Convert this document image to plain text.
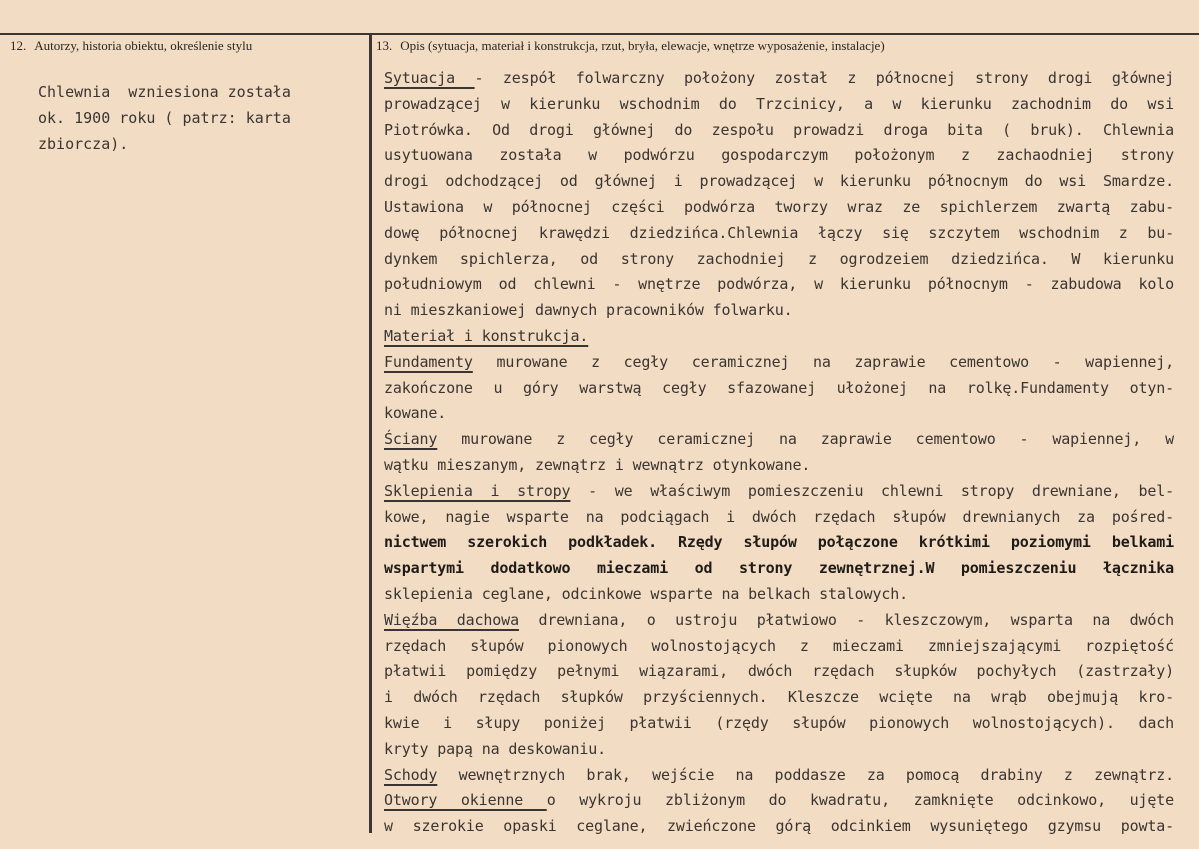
12. Autorzy, historia obiektu, określenie stylu	13. Opis (sytuacja, materiał i konstrukcja, rzut, bryła, elewacje, wnętrze wyposażenie, instalacje)
Chlewnia  wzniesiona została
ok. 1900 roku ( patrz: karta
zbiorcza).
Sytuacja - zespół folwarczny położony został z północnej strony drogi głównej
prowadzącej w kierunku wschodnim do Trzcinicy, a w kierunku zachodnim do wsi
Piotrówka. Od drogi głównej do zespołu prowadzi droga bita ( bruk). Chlewnia
usytuowana została w podwórzu gospodarczym położonym z zachaodniej strony
drogi odchodzącej od głównej i prowadzącej w kierunku północnym do wsi Smardze.
Ustawiona w północnej części podwórza tworzy wraz ze spichlerzem zwartą zabu-
dowę północnej krawędzi dziedzińca.Chlewnia łączy się szczytem wschodnim z bu-
dynkem spichlerza, od strony zachodniej z ogrodzeiem dziedzińca. W kierunku
południowym od chlewni - wnętrze podwórza, w kierunku północnym - zabudowa kolo
ni mieszkaniowej dawnych pracowników folwarku.
Materiał i konstrukcja.
Fundamenty murowane z cegły ceramicznej na zaprawie cementowo - wapiennej,
zakończone u góry warstwą cegły sfazowanej ułożonej na rolkę.Fundamenty otyn-
kowane.
Ściany murowane z cegły ceramicznej na zaprawie cementowo - wapiennej, w
wątku mieszanym, zewnątrz i wewnątrz otynkowane.
Sklepienia i stropy - we właściwym pomieszczeniu chlewni stropy drewniane, bel-
kowe, nagie wsparte na podciągach i dwóch rzędach słupów drewnianych za pośred-
nictwem szerokich podkładek. Rzędy słupów połączone krótkimi poziomymi belkami
wspartymi dodatkowo mieczami od strony zewnętrznej.W pomieszczeniu łącznika
sklepienia ceglane, odcinkowe wsparte na belkach stalowych.
Więźba dachowa drewniana, o ustroju płatwiowo - kleszczowym, wsparta na dwóch
rzędach słupów pionowych wolnostojących z mieczami zmniejszającymi rozpiętość
płatwii pomiędzy pełnymi wiązarami, dwóch rzędach słupków pochyłych (zastrzały)
i dwóch rzędach słupków przyściennych. Kleszcze wcięte na wrąb obejmują kro-
kwie i słupy poniżej płatwii (rzędy słupów pionowych wolnostojących). dach
kryty papą na deskowaniu.
Schody wewnętrznych brak, wejście na poddasze za pomocą drabiny z zewnątrz.
Otwory okienne o wykroju zbliżonym do kwadratu, zamknięte odcinkowo, ujęte
w szerokie opaski ceglane, zwieńczone górą odcinkiem wysuniętego gzymsu powta-
